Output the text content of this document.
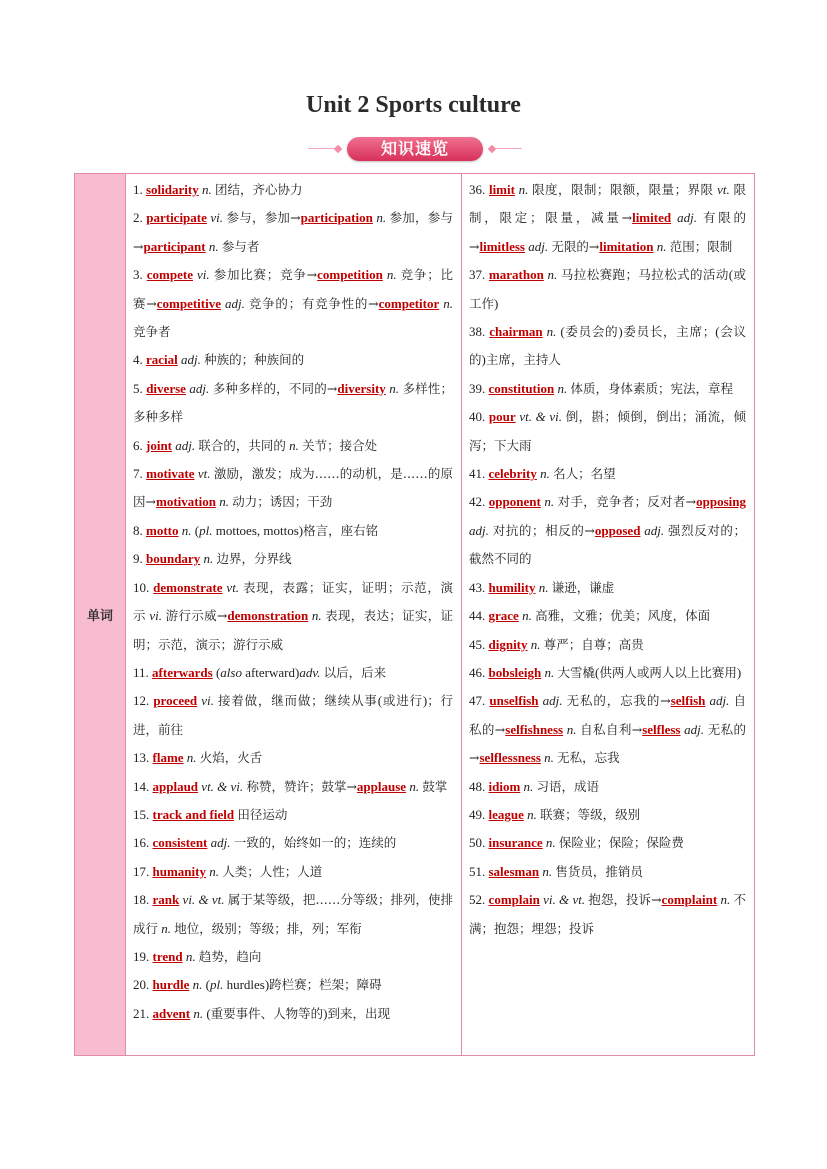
Unit 2 Sports culture
知识速览
单词
1. solidarity n. 团结，齐心协力
2. participate vi. 参与，参加→participation n. 参加，参与→participant n. 参与者
3. compete vi. 参加比赛；竞争→competition n. 竞争；比赛→competitive adj. 竞争的；有竞争性的→competitor n. 竞争者
4. racial adj. 种族的；种族间的
5. diverse adj. 多种多样的，不同的→diversity n. 多样性；多种多样
6. joint adj. 联合的，共同的 n. 关节；接合处
7. motivate vt. 激励，激发；成为……的动机，是……的原因→motivation n. 动力；诱因；干劲
8. motto n. (pl. mottoes, mottos)格言，座右铭
9. boundary n. 边界，分界线
10. demonstrate vt. 表现，表露；证实，证明；示范，演示 vi. 游行示威→demonstration n. 表现，表达；证实，证明；示范，演示；游行示威
11. afterwards (also afterward)adv. 以后，后来
12. proceed vi. 接着做，继而做；继续从事(或进行)；行进，前往
13. flame n. 火焰，火舌
14. applaud vt. & vi. 称赞，赞许；鼓掌→applause n. 鼓掌
15. track and field 田径运动
16. consistent adj. 一致的，始终如一的；连续的
17. humanity n. 人类；人性；人道
18. rank vi. & vt. 属于某等级，把……分等级；排列，使排成行 n. 地位，级别；等级；排，列；军衔
19. trend n. 趋势，趋向
20. hurdle n. (pl. hurdles)跨栏赛；栏架；障碍
21. advent n. (重要事件、人物等的)到来，出现
36. limit n. 限度，限制；限额，限量；界限 vt. 限制，限定；限量，减量→limited adj. 有限的→limitless adj. 无限的→limitation n. 范围；限制
37. marathon n. 马拉松赛跑；马拉松式的活动(或工作)
38. chairman n. (委员会的)委员长，主席；(会议的)主席，主持人
39. constitution n. 体质，身体素质；宪法，章程
40. pour vt. & vi. 倒，斟；倾倒，倒出；涌流，倾泻；下大雨
41. celebrity n. 名人；名望
42. opponent n. 对手，竞争者；反对者→opposing adj. 对抗的；相反的→opposed adj. 强烈反对的；截然不同的
43. humility n. 谦逊，谦虚
44. grace n. 高雅，文雅；优美；风度，体面
45. dignity n. 尊严；自尊；高贵
46. bobsleigh n. 大雪橇(供两人或两人以上比赛用)
47. unselfish adj. 无私的，忘我的→selfish adj. 自私的→selfishness n. 自私自利→selfless adj. 无私的→selflessness n. 无私，忘我
48. idiom n. 习语，成语
49. league n. 联赛；等级，级别
50. insurance n. 保险业；保险；保险费
51. salesman n. 售货员，推销员
52. complain vi. & vt. 抱怨，投诉→complaint n. 不满；抱怨；埋怨；投诉
